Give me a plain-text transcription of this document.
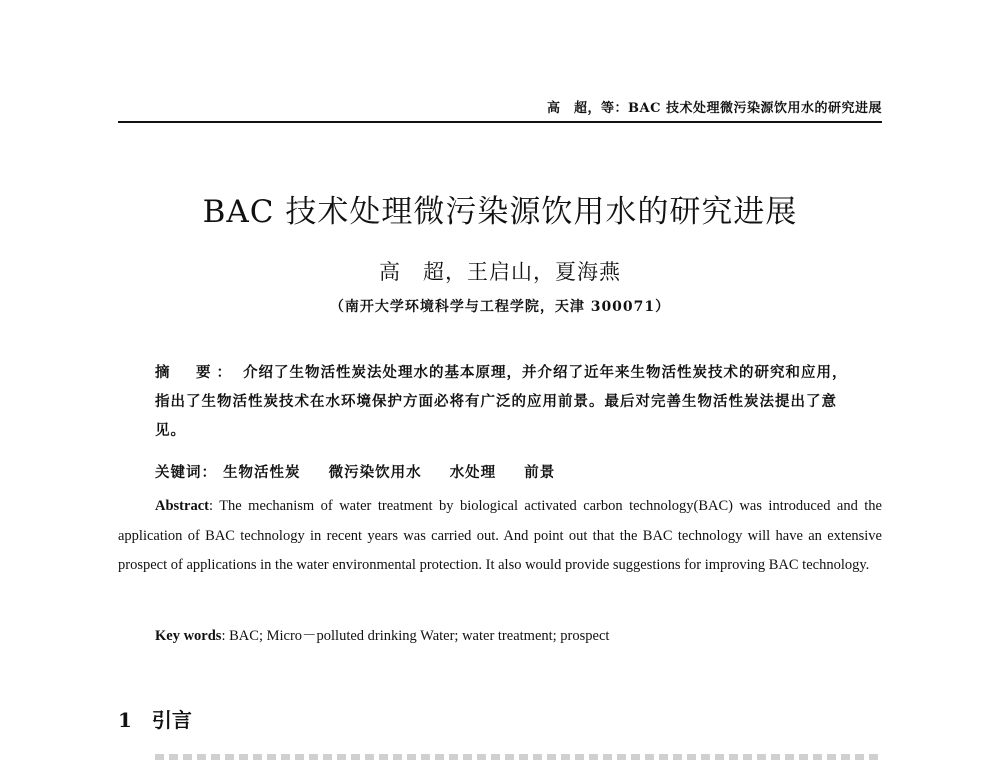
高　超，等：BAC 技术处理微污染源饮用水的研究进展
BAC 技术处理微污染源饮用水的研究进展
高　超，王启山，夏海燕
（南开大学环境科学与工程学院，天津 300071）
摘　要： 介绍了生物活性炭法处理水的基本原理，并介绍了近年来生物活性炭技术的研究和应用，指出了生物活性炭技术在水环境保护方面必将有广泛的应用前景。最后对完善生物活性炭法提出了意见。
关键词： 生物活性炭 微污染饮用水 水处理 前景
Abstract: The mechanism of water treatment by biological activated carbon technology(BAC) was introduced and the application of BAC technology in recent years was carried out. And point out that the BAC technology will have an extensive prospect of applications in the water environmental protection. It also would provide suggestions for improving BAC technology.
Key words: BAC; Micro－polluted drinking Water; water treatment; prospect
1 引言
